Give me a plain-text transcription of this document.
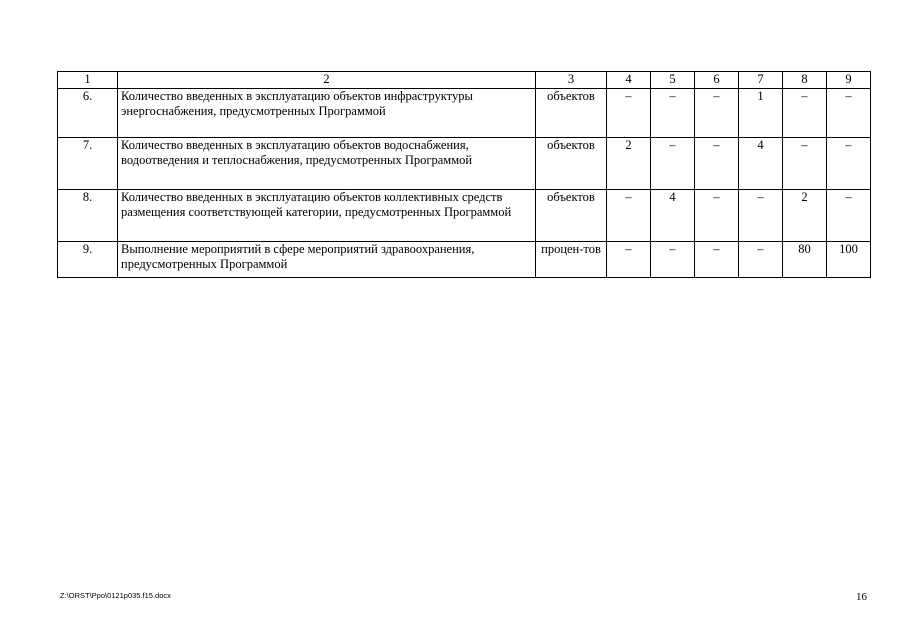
1	2	3	4	5	6	7	8	9
6.	Количество введенных в эксплуатацию объектов инфраструктуры энергоснабжения, предусмотренных Программой	объектов	–	–	–	1	–	–
7.	Количество введенных в эксплуатацию объектов водоснабжения, водоотведения и теплоснабжения, предусмотренных Программой	объектов	2	–	–	4	–	–
8.	Количество введенных в эксплуатацию объектов коллективных средств размещения соответствующей категории, предусмотренных Программой	объектов	–	4	–	–	2	–
9.	Выполнение мероприятий в сфере мероприятий здравоохранения, предусмотренных Программой	процен-тов	–	–	–	–	80	100
Z:\ORST\Ppo\0121p035.f15.docx	16
